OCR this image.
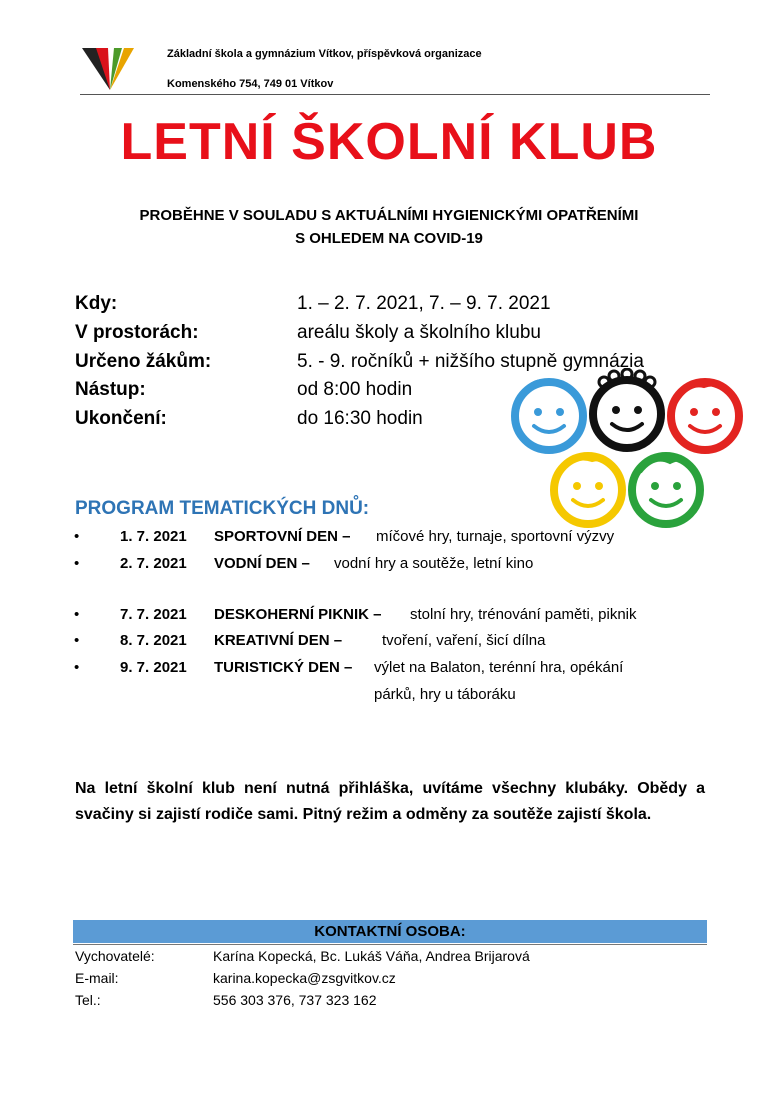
Základní škola a gymnázium Vítkov, příspěvková organizace
Komenského 754, 749 01 Vítkov
LETNÍ ŠKOLNÍ KLUB
PROBĚHNE V SOULADU S AKTUÁLNÍMI HYGIENICKÝMI OPATŘENÍMI
S OHLEDEM NA COVID-19
Kdy:	1. – 2. 7. 2021, 7. – 9. 7. 2021
V prostorách:	areálu školy a školního klubu
Určeno žákům:	5. - 9. ročníků + nižšího stupně gymnázia
Nástup:	od 8:00 hodin
Ukončení:	do 16:30 hodin
PROGRAM TEMATICKÝCH DNŮ:
•	1. 7. 2021 SPORTOVNÍ DEN – míčové hry, turnaje, sportovní výzvy
•	2. 7. 2021 VODNÍ DEN – vodní hry a soutěže, letní kino
•	7. 7. 2021 DESKOHERNÍ PIKNIK – stolní hry, trénování paměti, piknik
•	8. 7. 2021 KREATIVNÍ DEN –	tvoření, vaření, šicí dílna
•	9. 7. 2021 TURISTICKÝ DEN – výlet na Balaton, terénní hra, opékání
párků, hry u táboráku
Na letní školní klub není nutná přihláška, uvítáme všechny klubáky. Obědy a svačiny si zajistí rodiče sami. Pitný režim a odměny za soutěže zajistí škola.
KONTAKTNÍ OSOBA:
Vychovatelé:	Karína Kopecká, Bc. Lukáš Váňa, Andrea Brijarová
E-mail:	karina.kopecka@zsgvitkov.cz
Tel.:	556 303 376, 737 323 162
